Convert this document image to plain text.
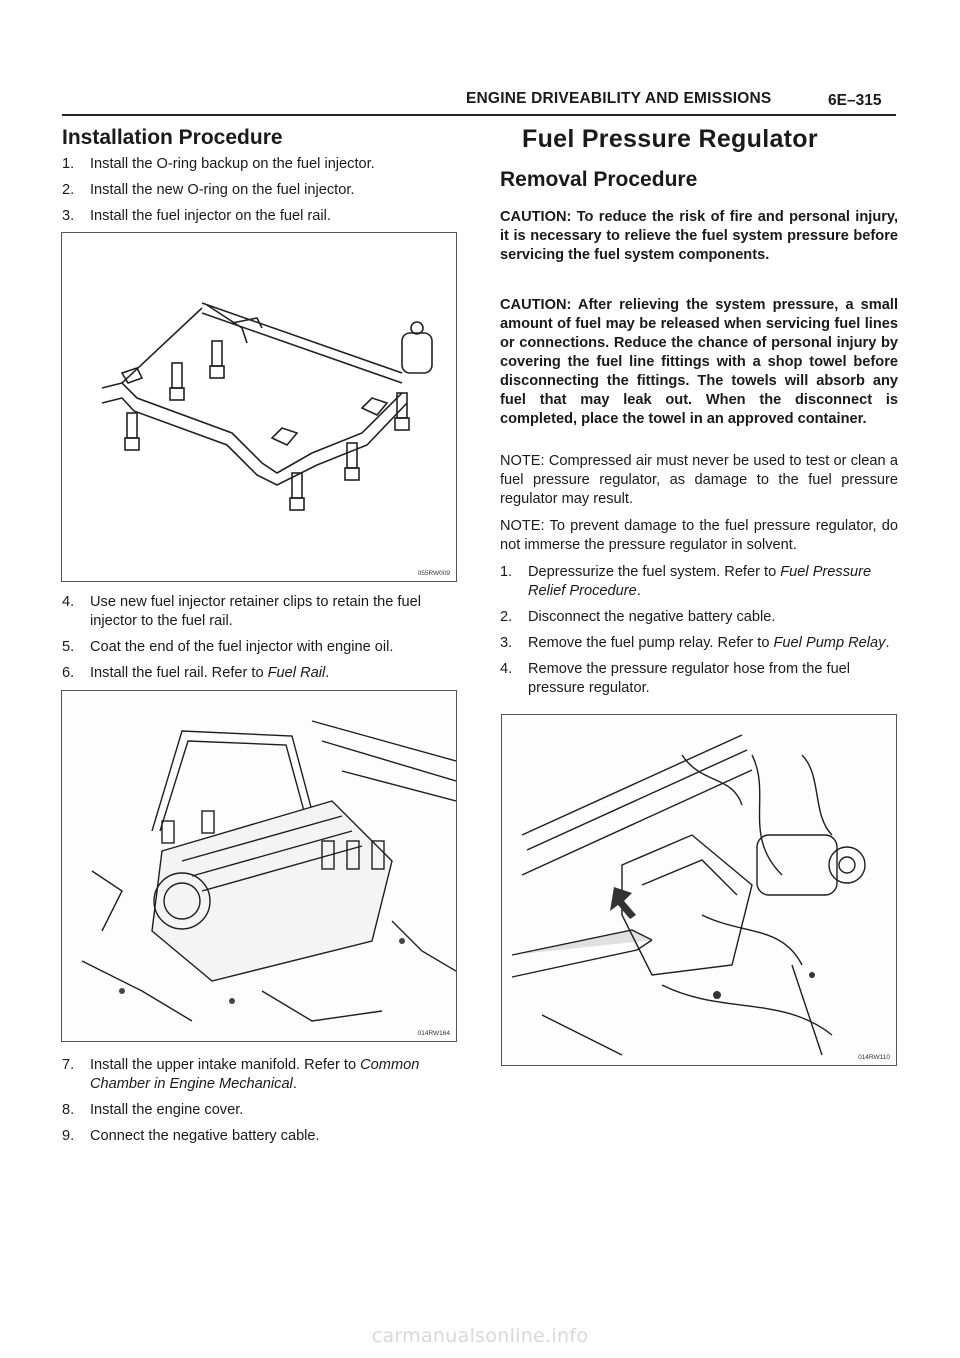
ENGINE DRIVEABILITY AND EMISSIONS	6E–315
Installation Procedure
1. Install the O-ring backup on the fuel injector.
2. Install the new O-ring on the fuel injector.
3. Install the fuel injector on the fuel rail.
055RW009
4. Use new fuel injector retainer clips to retain the fuel injector to the fuel rail.
5. Coat the end of the fuel injector with engine oil.
6. Install the fuel rail. Refer to Fuel Rail.
014RW164
7. Install the upper intake manifold. Refer to Common Chamber in Engine Mechanical.
8. Install the engine cover.
9. Connect the negative battery cable.
Fuel Pressure Regulator
Removal Procedure

CAUTION: To reduce the risk of fire and personal injury, it is necessary to relieve the fuel system pressure before servicing the fuel system components.

CAUTION: After relieving the system pressure, a small amount of fuel may be released when servicing fuel lines or connections. Reduce the chance of personal injury by covering the fuel line fittings with a shop towel before disconnecting the fittings. The towels will absorb any fuel that may leak out. When the disconnect is completed, place the towel in an approved container.

NOTE: Compressed air must never be used to test or clean a fuel pressure regulator, as damage to the fuel pressure regulator may result.

NOTE: To prevent damage to the fuel pressure regulator, do not immerse the pressure regulator in solvent.

1. Depressurize the fuel system. Refer to Fuel Pressure Relief Procedure.
2. Disconnect the negative battery cable.
3. Remove the fuel pump relay. Refer to Fuel Pump Relay.
4. Remove the pressure regulator hose from the fuel pressure regulator.
014RW110
carmanualsonline.info
